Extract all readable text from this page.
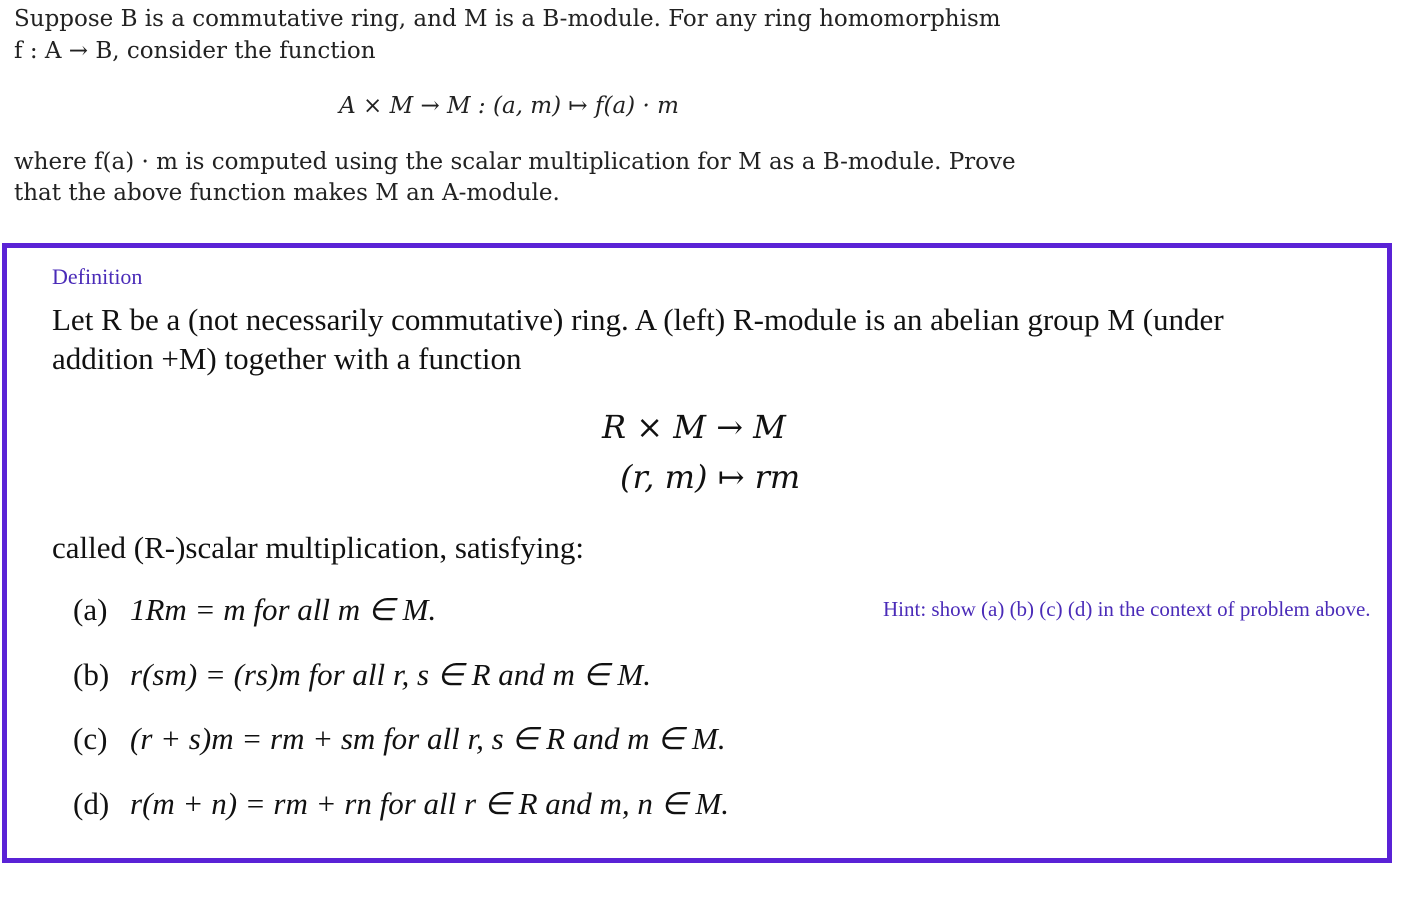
Suppose B is a commutative ring, and M is a B-module. For any ring homomorphism

f : A → B, consider the function

A × M → M : (a, m) ↦ f(a) · m

where f(a) · m is computed using the scalar multiplication for M as a B-module. Prove

that the above function makes M an A-module.

Definition

Let R be a (not necessarily commutative) ring. A (left) R-module is an abelian group M (under

addition +M) together with a function

R × M → M
(r, m) ↦ rm
called (R-)scalar multiplication, satisfying:
(a) 1Rm = m for all m ∈ M.
(b) r(sm) = (rs)m for all r, s ∈ R and m ∈ M.
(c) (r + s)m = rm + sm for all r, s ∈ R and m ∈ M.
(d) r(m + n) = rm + rn for all r ∈ R and m, n ∈ M.
Hint: show (a) (b) (c) (d) in the context of problem above.
